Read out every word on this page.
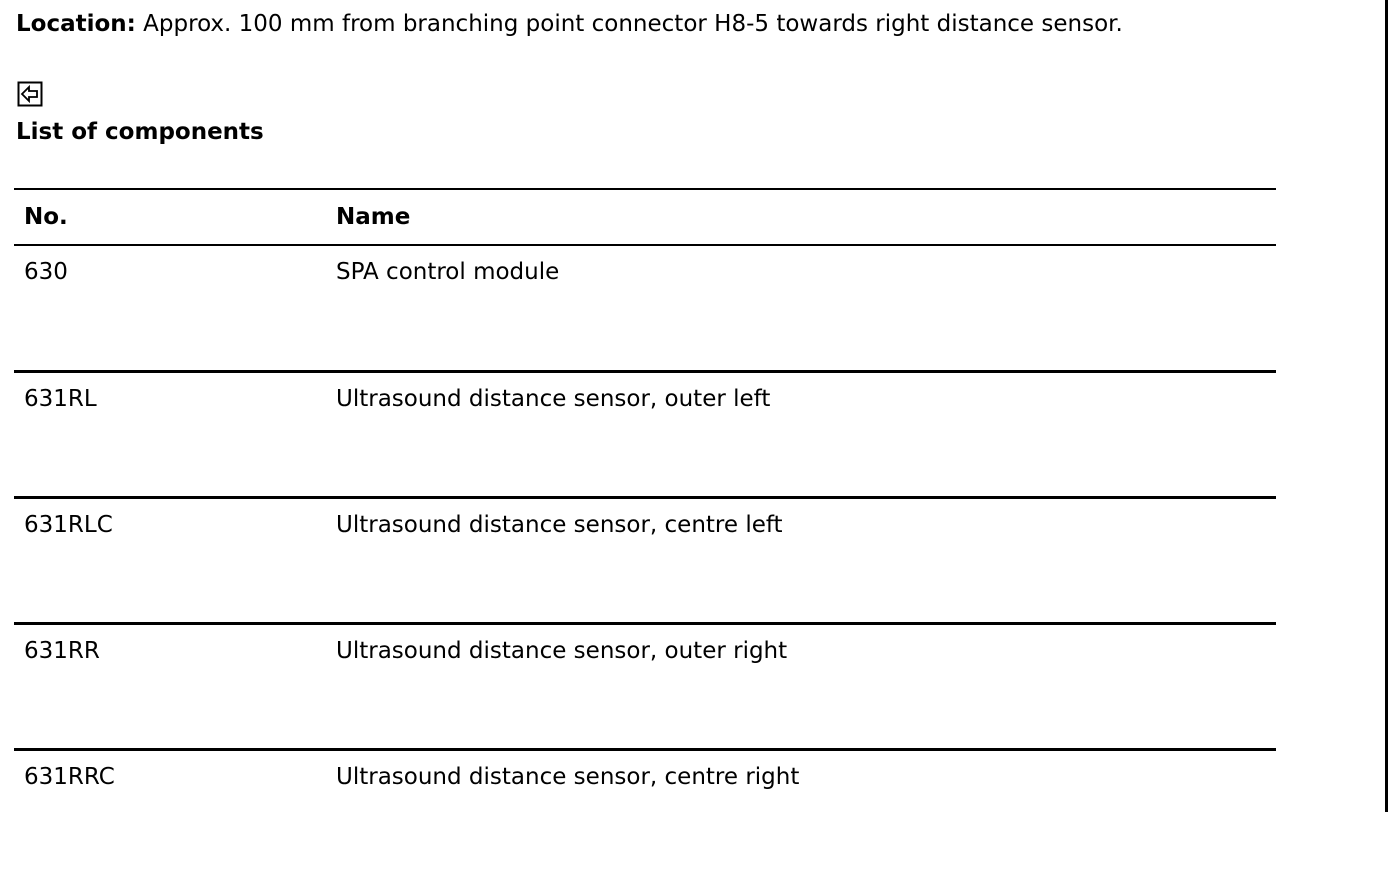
Location: Approx. 100 mm from branching point connector H8-5 towards right distance sensor.

List of components
No.	Name
630	SPA control module
631RL	Ultrasound distance sensor, outer left
631RLC	Ultrasound distance sensor, centre left
631RR	Ultrasound distance sensor, outer right
631RRC	Ultrasound distance sensor, centre right
